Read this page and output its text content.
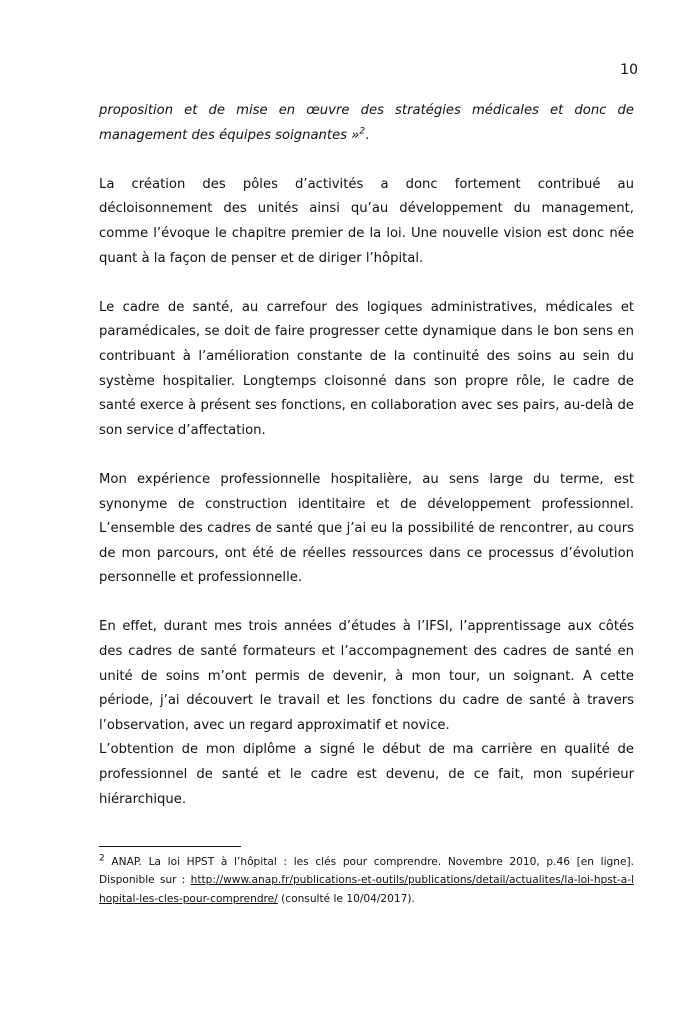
10

proposition et de mise en œuvre des stratégies médicales et donc de management des équipes soignantes »$^2$.

La création des pôles d’activités a donc fortement contribué au décloisonnement des unités ainsi qu’au développement du management, comme l’évoque le chapitre premier de la loi. Une nouvelle vision est donc née quant à la façon de penser et de diriger l’hôpital.

Le cadre de santé, au carrefour des logiques administratives, médicales et paramédicales, se doit de faire progresser cette dynamique dans le bon sens en contribuant à l’amélioration constante de la continuité des soins au sein du système hospitalier. Longtemps cloisonné dans son propre rôle, le cadre de santé exerce à présent ses fonctions, en collaboration avec ses pairs, au-delà de son service d’affectation.

Mon expérience professionnelle hospitalière, au sens large du terme, est synonyme de construction identitaire et de développement professionnel. L’ensemble des cadres de santé que j’ai eu la possibilité de rencontrer, au cours de mon parcours, ont été de réelles ressources dans ce processus d’évolution personnelle et professionnelle.

En effet, durant mes trois années d’études à l’IFSI, l’apprentissage aux côtés des cadres de santé formateurs et l’accompagnement des cadres de santé en unité de soins m’ont permis de devenir, à mon tour, un soignant. A cette période, j’ai découvert le travail et les fonctions du cadre de santé à travers l’observation, avec un regard approximatif et novice.

L’obtention de mon diplôme a signé le début de ma carrière en qualité de professionnel de santé et le cadre est devenu, de ce fait, mon supérieur hiérarchique.

$^2$ ANAP. La loi HPST à l’hôpital : les clés pour comprendre. Novembre 2010, p.46 [en ligne]. Disponible sur : http://www.anap.fr/publications-et-outils/publications/detail/actualites/la-loi-hpst-a-lhopital-les-cles-pour-comprendre/ (consulté le 10/04/2017).
